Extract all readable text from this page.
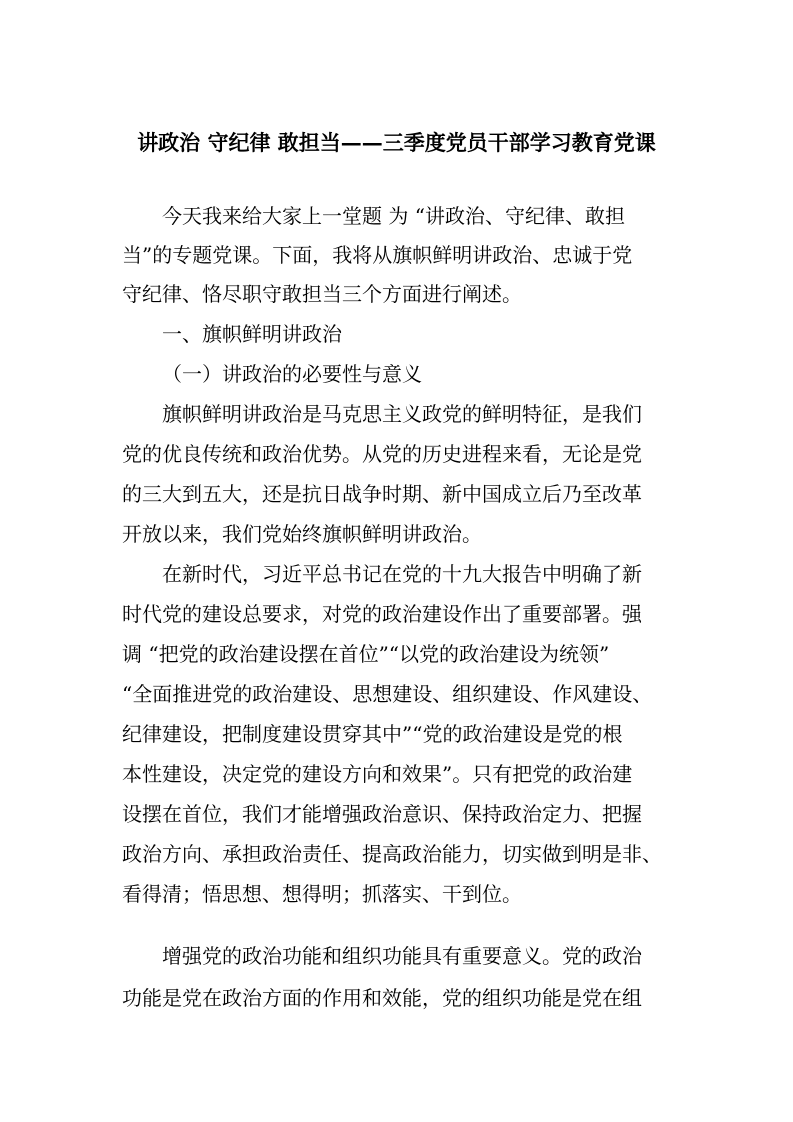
讲政治 守纪律 敢担当——三季度党员干部学习教育党课
今天我来给大家上一堂题 为 “讲政治、守纪律、敢担
当”的专题党课。下面，我将从旗帜鲜明讲政治、忠诚于党
守纪律、恪尽职守敢担当三个方面进行阐述。
一、旗帜鲜明讲政治
（一）讲政治的必要性与意义
旗帜鲜明讲政治是马克思主义政党的鲜明特征，是我们
党的优良传统和政治优势。从党的历史进程来看，无论是党
的三大到五大，还是抗日战争时期、新中国成立后乃至改革
开放以来，我们党始终旗帜鲜明讲政治。
在新时代，习近平总书记在党的十九大报告中明确了新
时代党的建设总要求，对党的政治建设作出了重要部署。强
调 “把党的政治建设摆在首位”“以党的政治建设为统领”
“全面推进党的政治建设、思想建设、组织建设、作风建设、
纪律建设，把制度建设贯穿其中”“党的政治建设是党的根
本性建设，决定党的建设方向和效果”。只有把党的政治建
设摆在首位，我们才能增强政治意识、保持政治定力、把握
政治方向、承担政治责任、提高政治能力，切实做到明是非、
看得清；悟思想、想得明；抓落实、干到位。
增强党的政治功能和组织功能具有重要意义。党的政治
功能是党在政治方面的作用和效能，党的组织功能是党在组
